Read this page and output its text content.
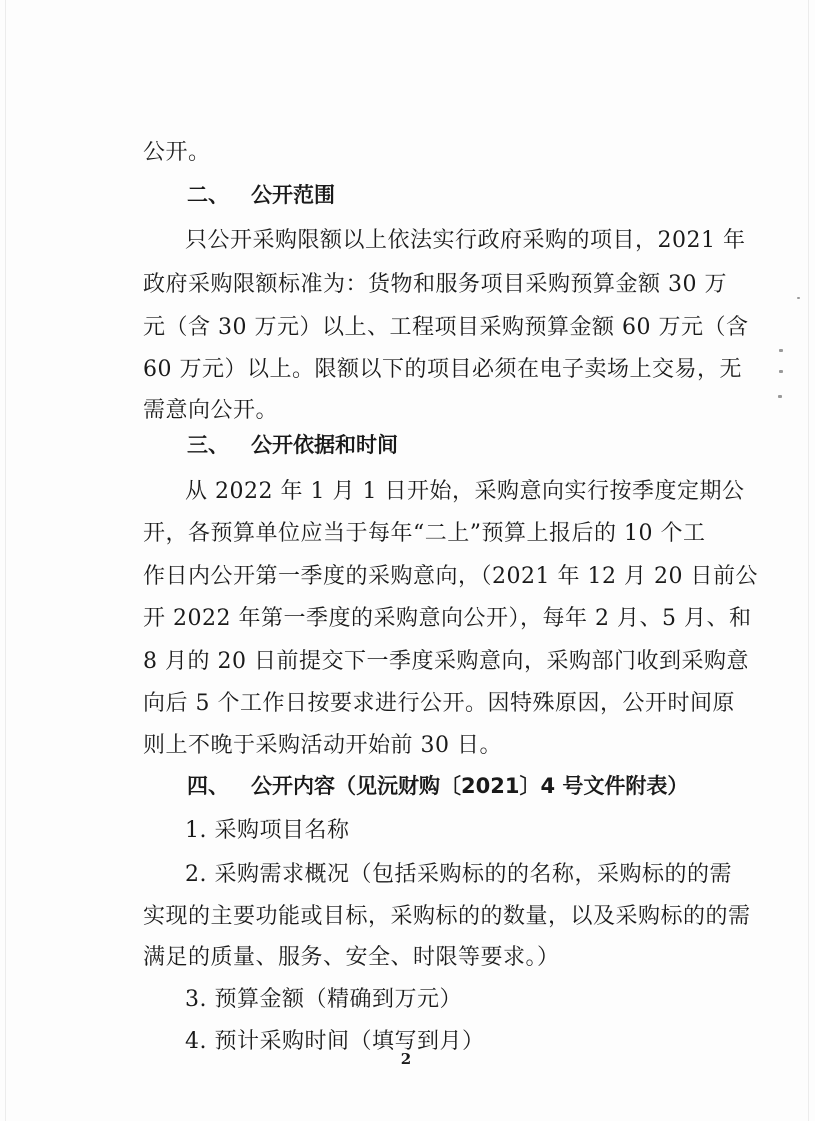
公开。
二、 公开范围
只公开采购限额以上依法实行政府采购的项目，2021 年
政府采购限额标准为：货物和服务项目采购预算金额 30 万
元（含 30 万元）以上、工程项目采购预算金额 60 万元（含
60 万元）以上。限额以下的项目必须在电子卖场上交易，无
需意向公开。
三、 公开依据和时间
从 2022 年 1 月 1 日开始，采购意向实行按季度定期公
开，各预算单位应当于每年“二上”预算上报后的 10 个工
作日内公开第一季度的采购意向，（2021 年 12 月 20 日前公
开 2022 年第一季度的采购意向公开），每年 2 月、5 月、和
8 月的 20 日前提交下一季度采购意向，采购部门收到采购意
向后 5 个工作日按要求进行公开。因特殊原因，公开时间原
则上不晚于采购活动开始前 30 日。
四、 公开内容（见沅财购〔2021〕4 号文件附表）
1. 采购项目名称
2. 采购需求概况（包括采购标的的名称，采购标的的需
实现的主要功能或目标，采购标的的数量，以及采购标的的需
满足的质量、服务、安全、时限等要求。）
3. 预算金额（精确到万元）
4. 预计采购时间（填写到月）
2
